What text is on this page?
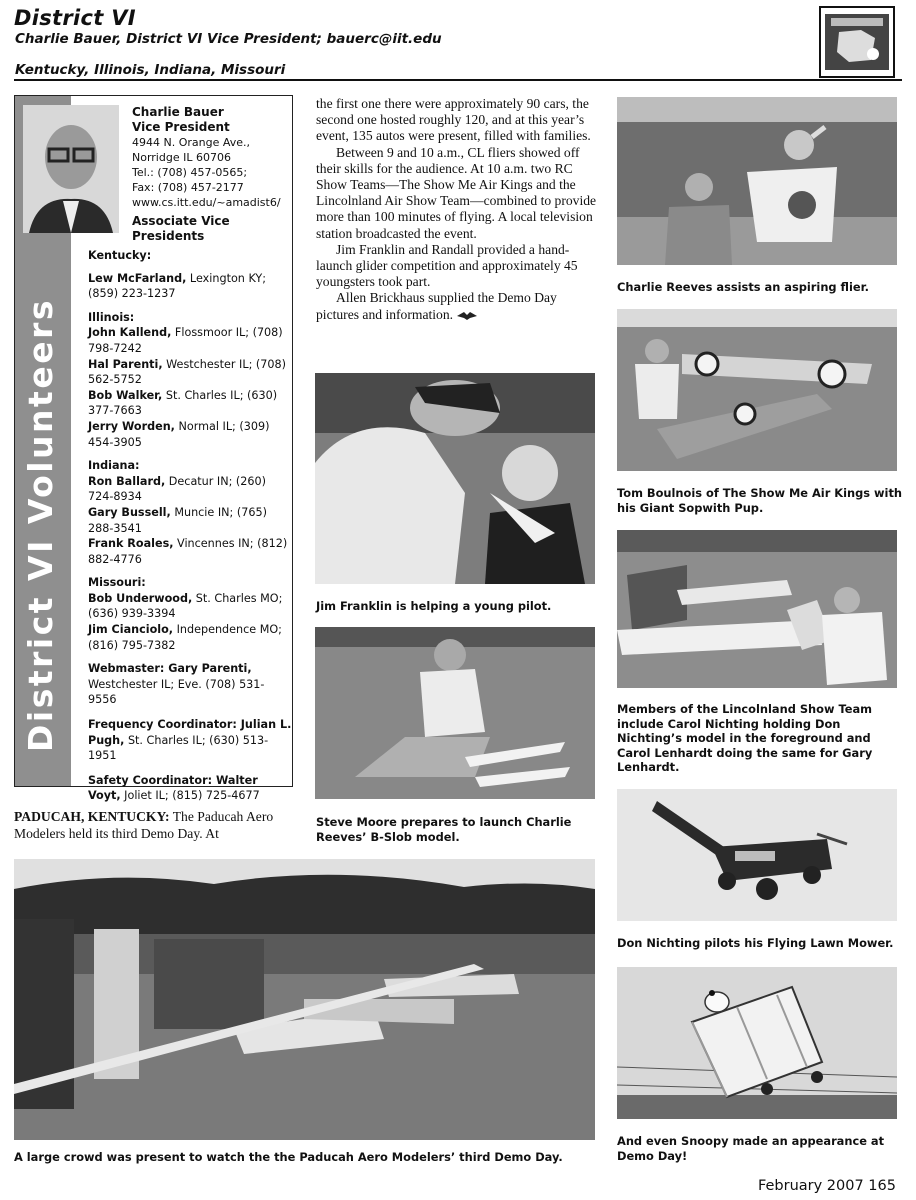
District VI
Charlie Bauer, District VI Vice President; bauerc@iit.edu
Kentucky, Illinois, Indiana, Missouri
District VI Volunteers
Charlie Bauer
Vice President
4944 N. Orange Ave.,
Norridge IL 60706
Tel.: (708) 457-0565;
Fax: (708) 457-2177
www.cs.itt.edu/~amadist6/
Associate Vice Presidents
Kentucky:
Lew McFarland, Lexington KY; (859) 223-1237
Illinois:
John Kallend, Flossmoor IL; (708) 798-7242
Hal Parenti, Westchester IL; (708) 562-5752
Bob Walker, St. Charles IL; (630) 377-7663
Jerry Worden, Normal IL; (309) 454-3905
Indiana:
Ron Ballard, Decatur IN; (260) 724-8934
Gary Bussell, Muncie IN; (765) 288-3541
Frank Roales, Vincennes IN; (812) 882-4776
Missouri:
Bob Underwood, St. Charles MO; (636) 939-3394
Jim Cianciolo, Independence MO; (816) 795-7382
Webmaster: Gary Parenti, Westchester IL; Eve. (708) 531-9556
Frequency Coordinator: Julian L. Pugh, St. Charles IL; (630) 513-1951
Safety Coordinator: Walter Voyt, Joliet IL; (815) 725-4677
PADUCAH, KENTUCKY: The Paducah Aero Modelers held its third Demo Day. At

the first one there were approximately 90 cars, the second one hosted roughly 120, and at this year’s event, 135 autos were present, filled with families.

Between 9 and 10 a.m., CL fliers showed off their skills for the audience. At 10 a.m. two RC Show Teams—The Show Me Air Kings and the Lincolnland Air Show Team—combined to provide more than 100 minutes of flying. A local television station broadcasted the event.

Jim Franklin and Randall provided a hand-launch glider competition and approximately 45 youngsters took part.

Allen Brickhaus supplied the Demo Day pictures and information.

Jim Franklin is helping a young pilot.
Steve Moore prepares to launch Charlie Reeves’ B-Slob model.
A large crowd was present to watch the the Paducah Aero Modelers’ third Demo Day.
Charlie Reeves assists an aspiring flier.
Tom Boulnois of The Show Me Air Kings with his Giant Sopwith Pup.
Members of the Lincolnland Show Team include Carol Nichting holding Don Nichting’s model in the foreground and Carol Lenhardt doing the same for Gary Lenhardt.
Don Nichting pilots his Flying Lawn Mower.
And even Snoopy made an appearance at Demo Day!
February 2007 165
